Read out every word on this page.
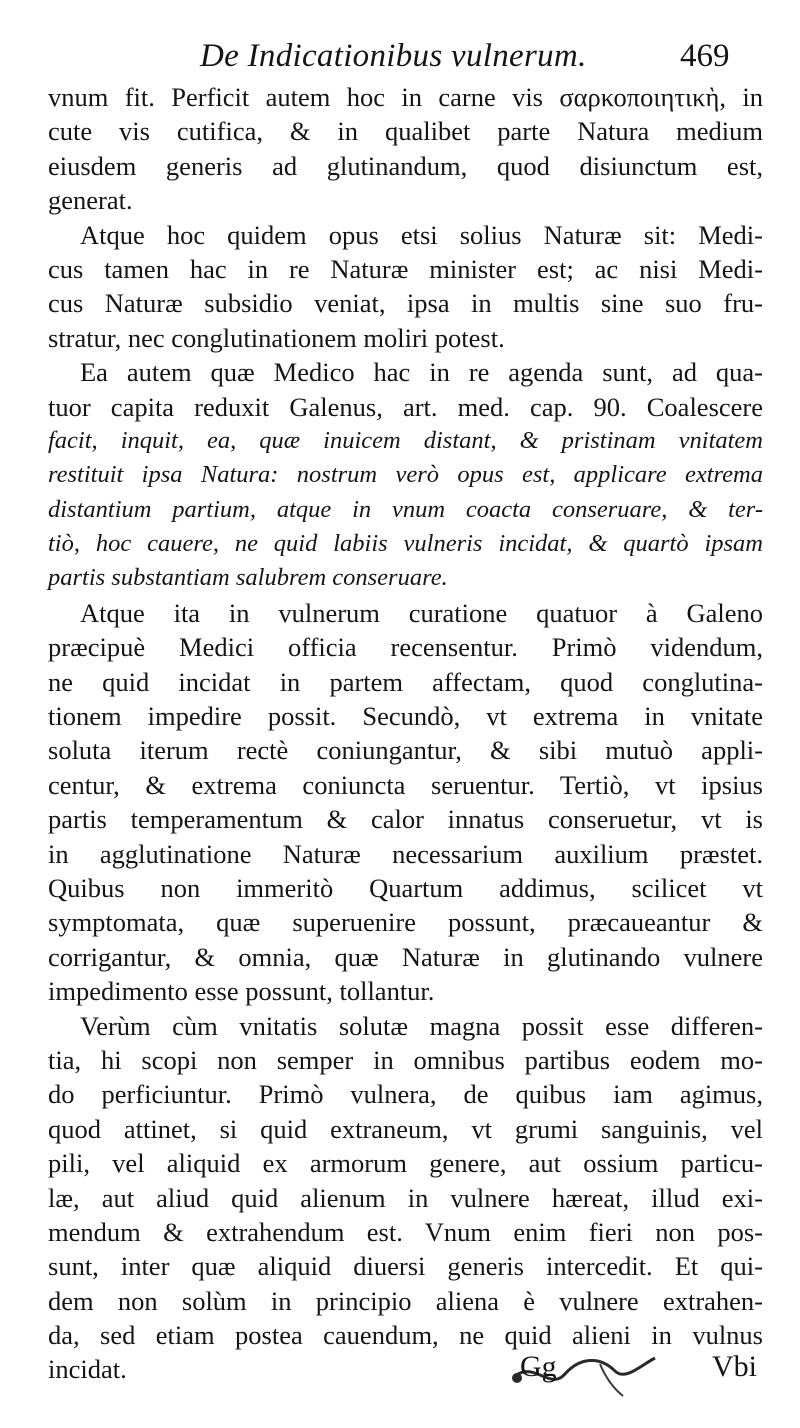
De Indicationibus vulnerum.	469
vnum fit. Perficit autem hoc in carne vis σαρκοποιητικὴ, in
cute vis cutifica, & in qualibet parte Natura medium
eiusdem generis ad glutinandum, quod disiunctum est,
generat.
Atque hoc quidem opus etsi solius Naturæ sit: Medi-
cus tamen hac in re Naturæ minister est; ac nisi Medi-
cus Naturæ subsidio veniat, ipsa in multis sine suo fru-
stratur, nec conglutinationem moliri potest.
Ea autem quæ Medico hac in re agenda sunt, ad qua-
tuor capita reduxit Galenus, art. med. cap. 90. Coalescere
facit, inquit, ea, quæ inuicem distant, & pristinam vnitatem
restituit ipsa Natura: nostrum verò opus est, applicare extrema
distantium partium, atque in vnum coacta conseruare, & ter-
tiò, hoc cauere, ne quid labiis vulneris incidat, & quartò ipsam
partis substantiam salubrem conseruare.
Atque ita in vulnerum curatione quatuor à Galeno
præcipuè Medici officia recensentur. Primò videndum,
ne quid incidat in partem affectam, quod conglutina-
tionem impedire possit. Secundò, vt extrema in vnitate
soluta iterum rectè coniungantur, & sibi mutuò appli-
centur, & extrema coniuncta seruentur. Tertiò, vt ipsius
partis temperamentum & calor innatus conseruetur, vt is
in agglutinatione Naturæ necessarium auxilium præstet.
Quibus non immeritò Quartum addimus, scilicet vt
symptomata, quæ superuenire possunt, præcaueantur &
corrigantur, & omnia, quæ Naturæ in glutinando vulnere
impedimento esse possunt, tollantur.
Verùm cùm vnitatis solutæ magna possit esse differen-
tia, hi scopi non semper in omnibus partibus eodem mo-
do perficiuntur. Primò vulnera, de quibus iam agimus,
quod attinet, si quid extraneum, vt grumi sanguinis, vel
pili, vel aliquid ex armorum genere, aut ossium particu-
læ, aut aliud quid alienum in vulnere hæreat, illud exi-
mendum & extrahendum est. Vnum enim fieri non pos-
sunt, inter quæ aliquid diuersi generis intercedit. Et qui-
dem non solùm in principio aliena è vulnere extrahen-
da, sed etiam postea cauendum, ne quid alieni in vulnus
incidat.	Gg	Vbi
